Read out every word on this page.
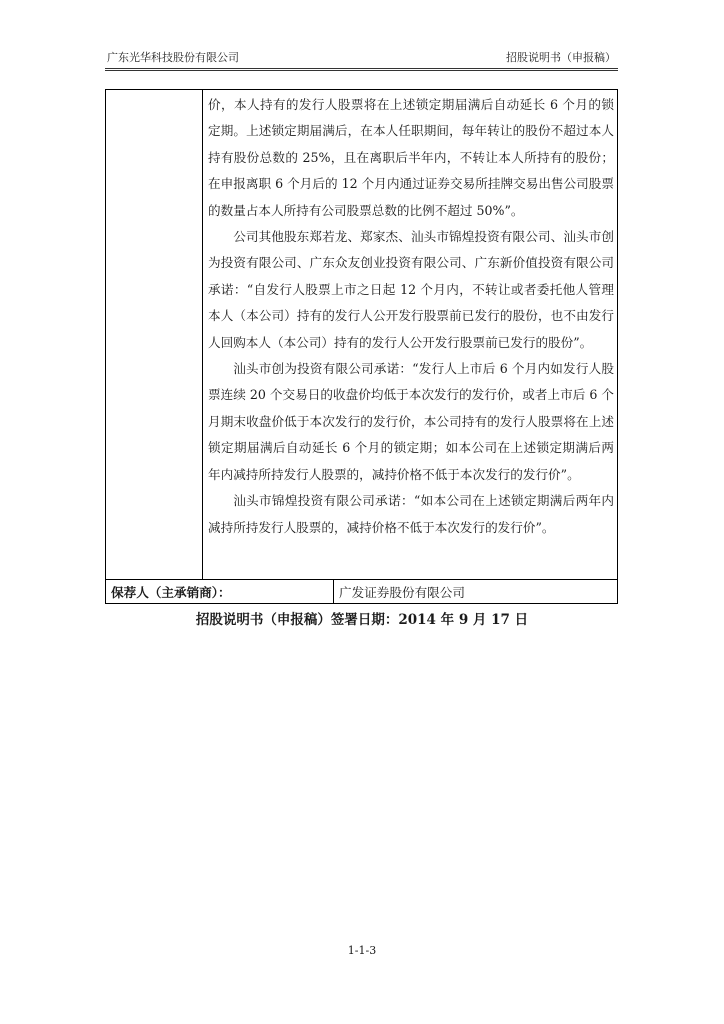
广东光华科技股份有限公司	招股说明书（申报稿）

价，本人持有的发行人股票将在上述锁定期届满后自动延长 6 个月的锁定期。上述锁定期届满后，在本人任职期间，每年转让的股份不超过本人持有股份总数的 25%，且在离职后半年内，不转让本人所持有的股份；在申报离职 6 个月后的 12 个月内通过证券交易所挂牌交易出售公司股票的数量占本人所持有公司股票总数的比例不超过 50%”。

公司其他股东郑若龙、郑家杰、汕头市锦煌投资有限公司、汕头市创为投资有限公司、广东众友创业投资有限公司、广东新价值投资有限公司承诺：“自发行人股票上市之日起 12 个月内，不转让或者委托他人管理本人（本公司）持有的发行人公开发行股票前已发行的股份，也不由发行人回购本人（本公司）持有的发行人公开发行股票前已发行的股份”。

汕头市创为投资有限公司承诺：“发行人上市后 6 个月内如发行人股票连续 20 个交易日的收盘价均低于本次发行的发行价，或者上市后 6 个月期末收盘价低于本次发行的发行价，本公司持有的发行人股票将在上述锁定期届满后自动延长 6 个月的锁定期；如本公司在上述锁定期满后两年内减持所持发行人股票的，减持价格不低于本次发行的发行价”。

汕头市锦煌投资有限公司承诺：“如本公司在上述锁定期满后两年内减持所持发行人股票的，减持价格不低于本次发行的发行价”。

保荐人（主承销商）：	广发证券股份有限公司
招股说明书（申报稿）签署日期：2014 年 9 月 17 日
1-1-3
